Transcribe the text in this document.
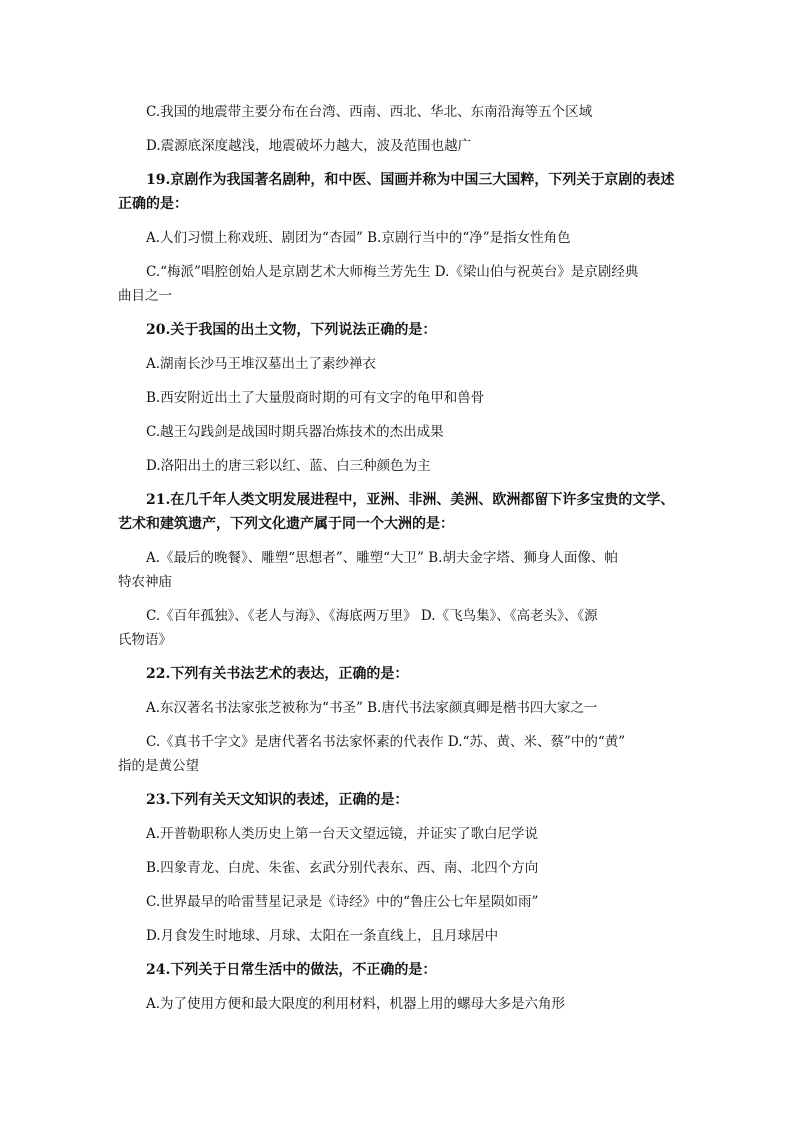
C.我国的地震带主要分布在台湾、西南、西北、华北、东南沿海等五个区域
D.震源底深度越浅，地震破坏力越大，波及范围也越广
19.京剧作为我国著名剧种，和中医、国画并称为中国三大国粹，下列关于京剧的表述
正确的是：
A.人们习惯上称戏班、剧团为“杏园” B.京剧行当中的“净”是指女性角色
C.“梅派”唱腔创始人是京剧艺术大师梅兰芳先生 D.《梁山伯与祝英台》是京剧经典
曲目之一
20.关于我国的出土文物，下列说法正确的是：
A.湖南长沙马王堆汉墓出土了素纱禅衣
B.西安附近出土了大量殷商时期的可有文字的龟甲和兽骨
C.越王勾践剑是战国时期兵器冶炼技术的杰出成果
D.洛阳出土的唐三彩以红、蓝、白三种颜色为主
21.在几千年人类文明发展进程中，亚洲、非洲、美洲、欧洲都留下许多宝贵的文学、
艺术和建筑遗产，下列文化遗产属于同一个大洲的是：
A.《最后的晚餐》、雕塑“思想者”、雕塑“大卫” B.胡夫金字塔、狮身人面像、帕
特农神庙
C.《百年孤独》、《老人与海》、《海底两万里》 D.《飞鸟集》、《高老头》、《源
氏物语》
22.下列有关书法艺术的表达，正确的是：
A.东汉著名书法家张芝被称为“书圣” B.唐代书法家颜真卿是楷书四大家之一
C.《真书千字文》是唐代著名书法家怀素的代表作 D.“苏、黄、米、蔡”中的“黄”
指的是黄公望
23.下列有关天文知识的表述，正确的是：
A.开普勒职称人类历史上第一台天文望远镜，并证实了歌白尼学说
B.四象青龙、白虎、朱雀、玄武分别代表东、西、南、北四个方向
C.世界最早的哈雷彗星记录是《诗经》中的“鲁庄公七年星陨如雨”
D.月食发生时地球、月球、太阳在一条直线上，且月球居中
24.下列关于日常生活中的做法，不正确的是：
A.为了使用方便和最大限度的利用材料，机器上用的螺母大多是六角形
